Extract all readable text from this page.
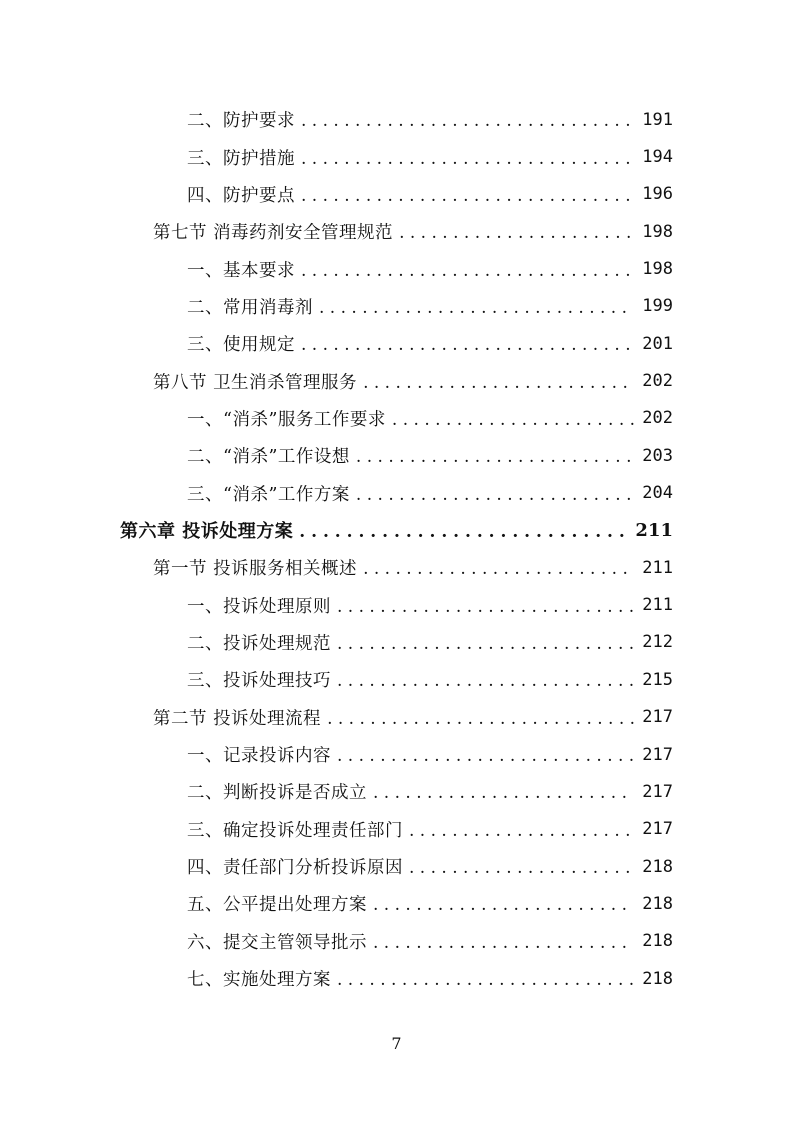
二、防护要求 . . .	191
三、防护措施 . . .	194
四、防护要点 . . .	196
第七节 消毒药剂安全管理规范 . . .	198
一、基本要求 . . .	198
二、常用消毒剂 . . .	199
三、使用规定 . . .	201
第八节 卫生消杀管理服务 . . .	202
一、“消杀”服务工作要求 . . .	202
二、“消杀”工作设想 . . .	203
三、“消杀”工作方案 . . .	204
第六章 投诉处理方案 . . .	211
第一节 投诉服务相关概述 . . .	211
一、投诉处理原则 . . .	211
二、投诉处理规范 . . .	212
三、投诉处理技巧 . . .	215
第二节 投诉处理流程 . . .	217
一、记录投诉内容 . . .	217
二、判断投诉是否成立 . . .	217
三、确定投诉处理责任部门 . . .	217
四、责任部门分析投诉原因 . . .	218
五、公平提出处理方案 . . .	218
六、提交主管领导批示 . . .	218
七、实施处理方案 . . .	218
7
